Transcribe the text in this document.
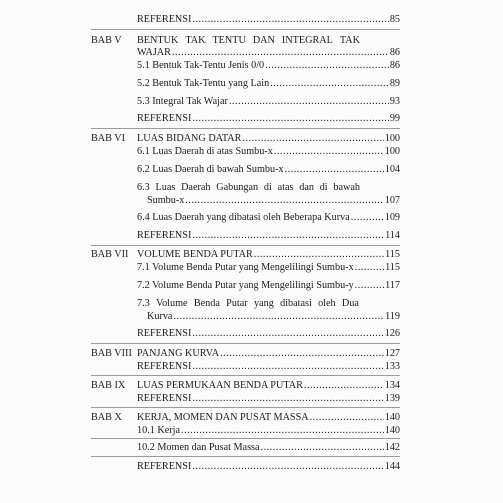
REFERENSI .....	85
BAB V BENTUK TAK TENTU DAN INTEGRAL TAK
WAJAR .....	86
5.1 Bentuk Tak-Tentu Jenis 0/0 .....	86
5.2 Bentuk Tak-Tentu yang Lain .....	89
5.3 Integral Tak Wajar .....	93
REFERENSI .....	99
BAB VI LUAS BIDANG DATAR .....	100
6.1 Luas Daerah di atas Sumbu-x .....	100
6.2 Luas Daerah di bawah Sumbu-x .....	104
6.3 Luas Daerah Gabungan di atas dan di bawah
Sumbu-x .....	107
6.4 Luas Daerah yang dibatasi oleh Beberapa Kurva .....	109
REFERENSI .....	114
BAB VII VOLUME BENDA PUTAR .....	115
7.1 Volume Benda Putar yang Mengelilingi Sumbu-x .....	115
7.2 Volume Benda Putar yang Mengelilingi Sumbu-y .....	117
7.3 Volume Benda Putar yang dibatasi oleh Dua
Kurva .....	119
REFERENSI .....	126
BAB VIII PANJANG KURVA .....	127
REFERENSI .....	133
BAB IX LUAS PERMUKAAN BENDA PUTAR .....	134
REFERENSI .....	139
BAB X KERJA, MOMEN DAN PUSAT MASSA .....	140
10.1 Kerja .....	140
10.2 Momen dan Pusat Massa .....	142
REFERENSI .....	144
